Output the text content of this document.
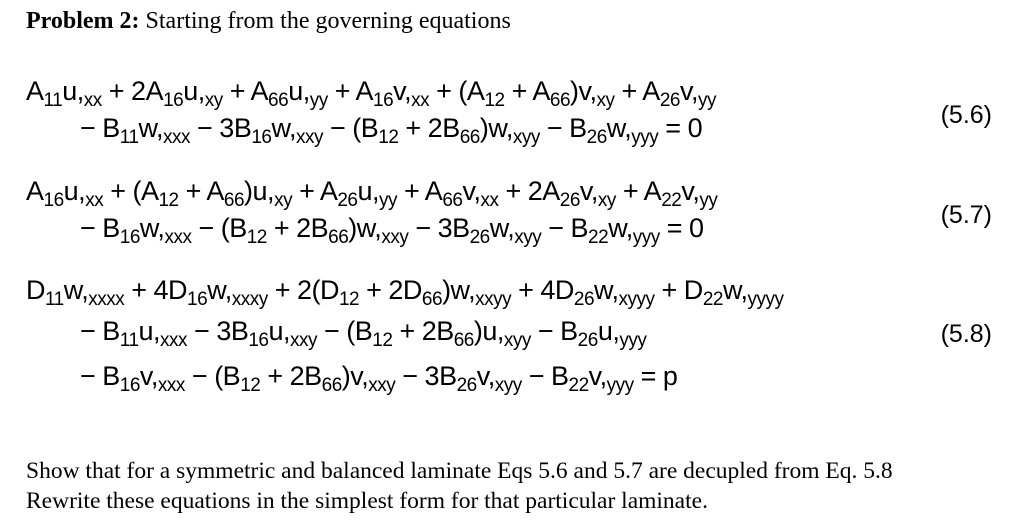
Problem 2: Starting from the governing equations
$A_{11}u,_{xx} + 2A_{16}u,_{xy} + A_{66}u,_{yy} + A_{16}v,_{xx} + (A_{12} + A_{66})v,_{xy} + A_{26}v,_{yy}$
− $B_{11}w,_{xxx} - 3B_{16}w,_{xxy} - (B_{12} + 2B_{66})w,_{xyy} - B_{26}w,_{yyy} = 0$	(5.6)
$A_{16}u,_{xx} + (A_{12} + A_{66})u,_{xy} + A_{26}u,_{yy} + A_{66}v,_{xx} + 2A_{26}v,_{xy} + A_{22}v,_{yy}$
− $B_{16}w,_{xxx} - (B_{12} + 2B_{66})w,_{xxy} - 3B_{26}w,_{xyy} - B_{22}w,_{yyy} = 0$	(5.7)
$D_{11}w,_{xxxx} + 4D_{16}w,_{xxxy} + 2(D_{12} + 2D_{66})w,_{xxyy} + 4D_{26}w,_{xyyy} + D_{22}w,_{yyyy}$
− $B_{11}u,_{xxx} - 3B_{16}u,_{xxy} - (B_{12} + 2B_{66})u,_{xyy} - B_{26}u,_{yyy}$
− $B_{16}v,_{xxx} - (B_{12} + 2B_{66})v,_{xxy} - 3B_{26}v,_{xyy} - B_{22}v,_{yyy} = p$
(5.8)
Show that for a symmetric and balanced laminate Eqs 5.6 and 5.7 are decupled from Eq. 5.8
Rewrite these equations in the simplest form for that particular laminate.
